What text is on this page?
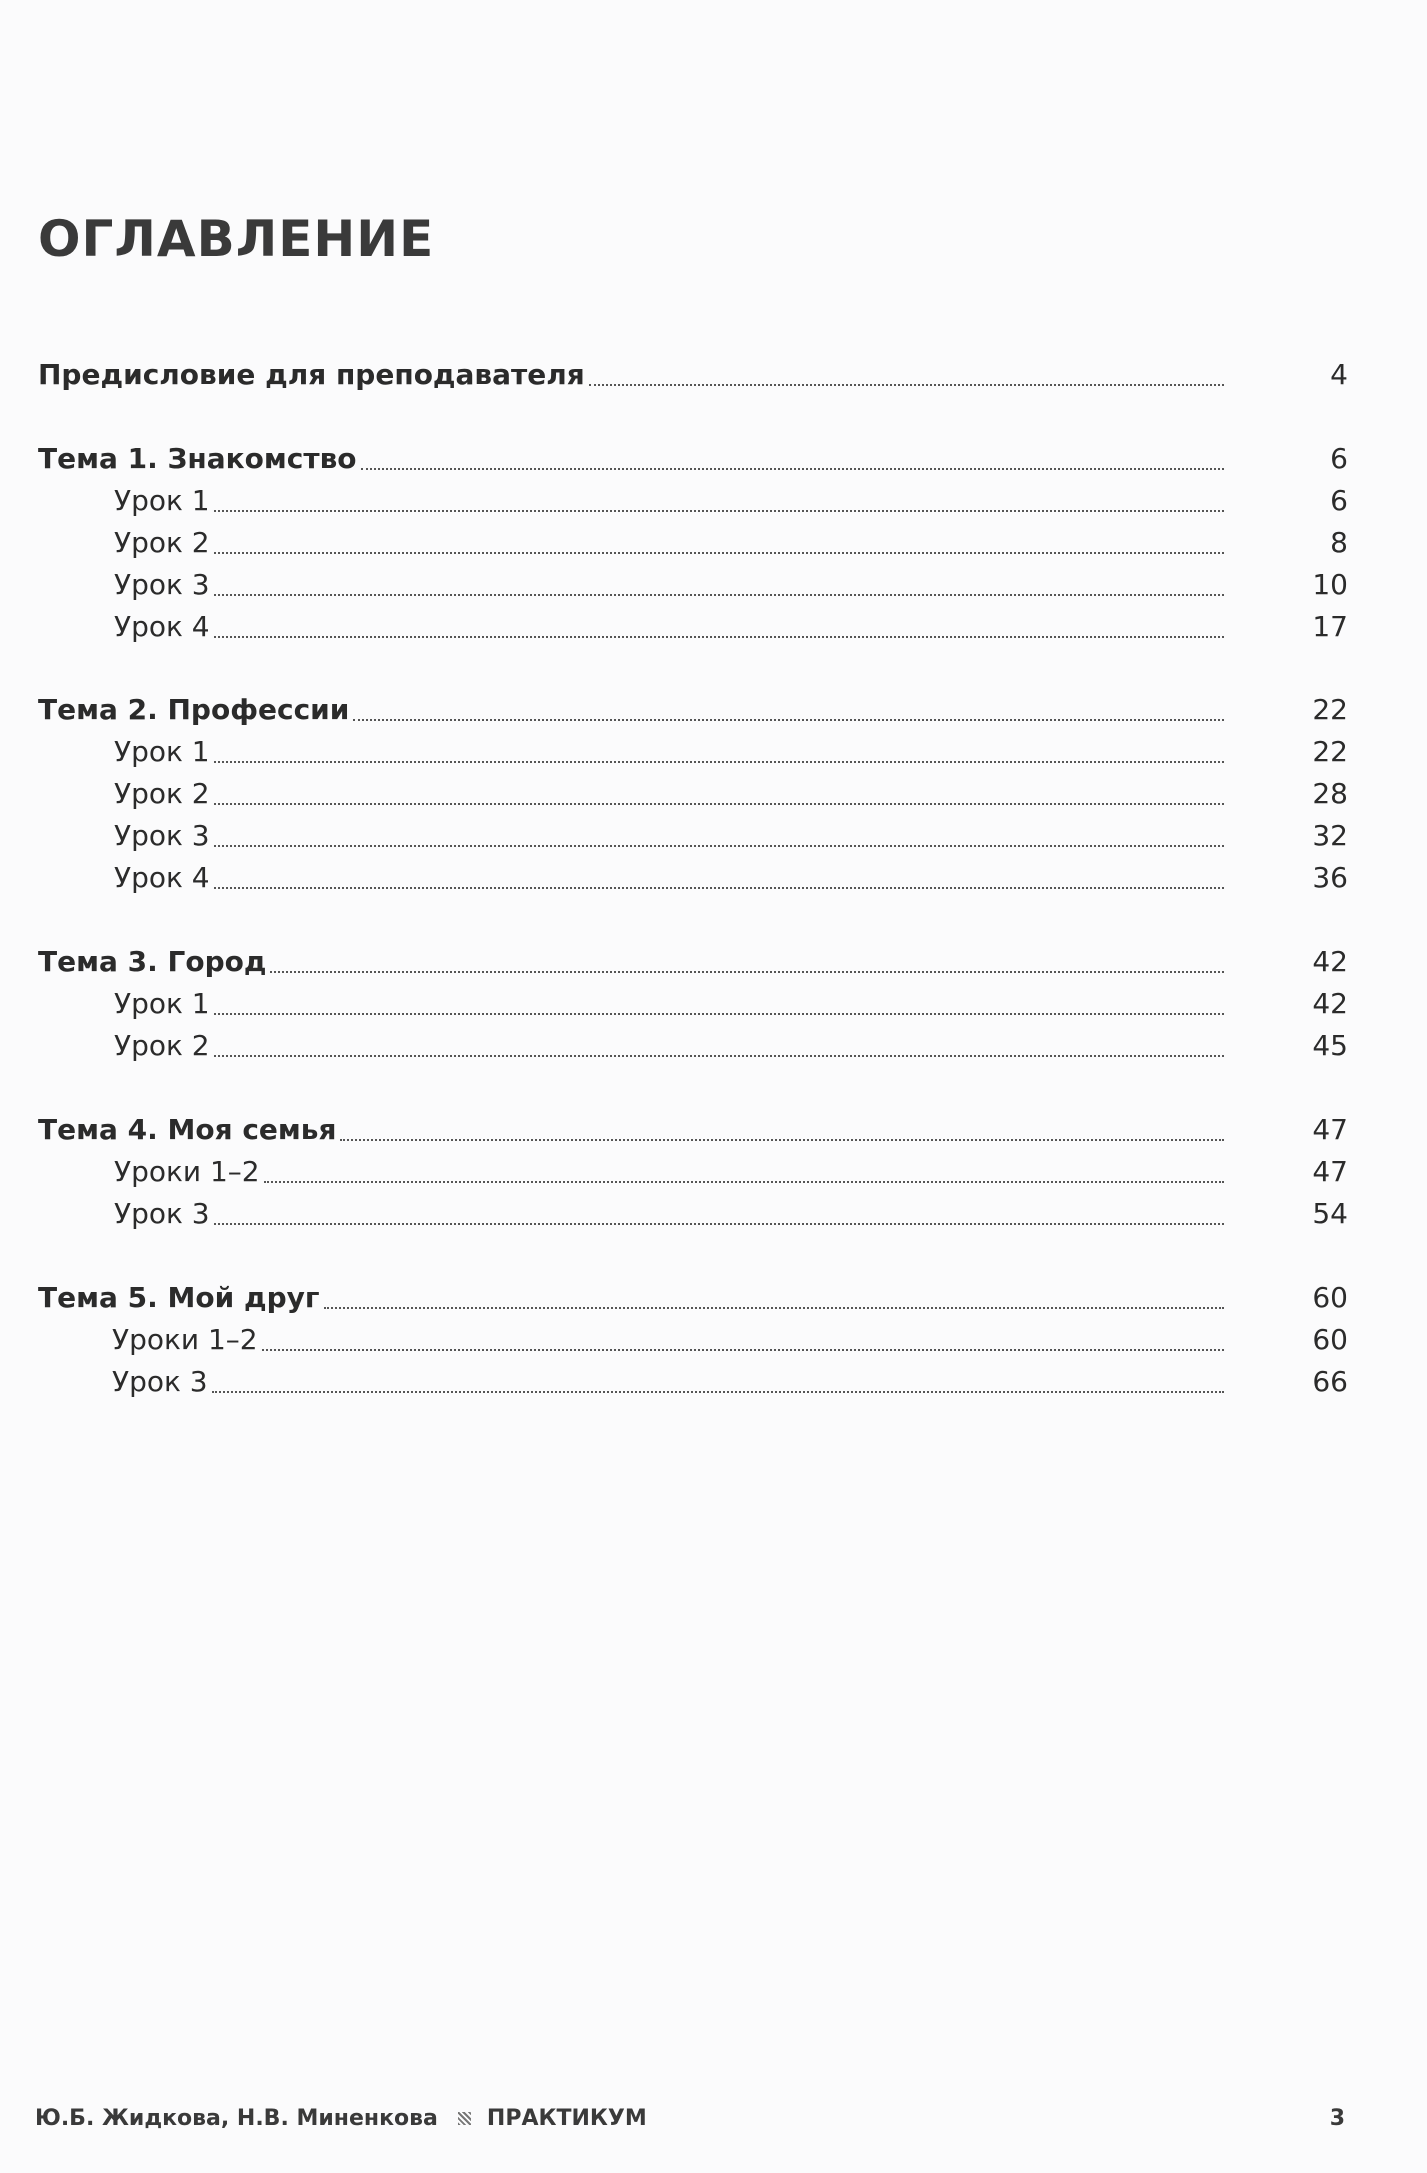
ОГЛАВЛЕНИЕ
Предисловие для преподавателя	4
Тема 1. Знакомство	6
Урок 1	6
Урок 2	8
Урок 3	10
Урок 4	17
Тема 2. Профессии	22
Урок 1	22
Урок 2	28
Урок 3	32
Урок 4	36
Тема 3. Город	42
Урок 1	42
Урок 2	45
Тема 4. Моя семья	47
Уроки 1–2	47
Урок 3	54
Тема 5. Мой друг	60
Уроки 1–2	60
Урок 3	66
Ю.Б. Жидкова, Н.В. Миненкова ПРАКТИКУМ	3
